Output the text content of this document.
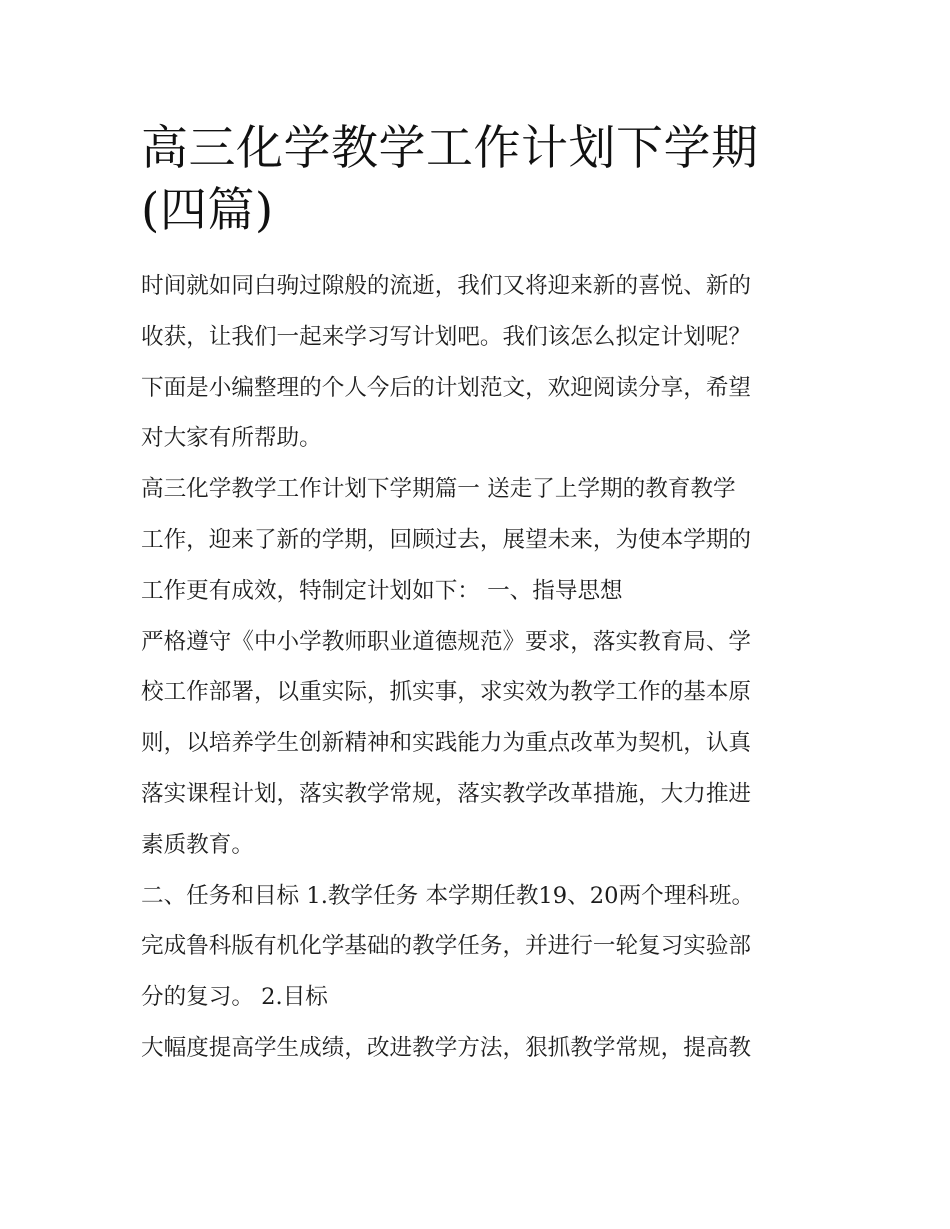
高三化学教学工作计划下学期
(四篇)
时间就如同白驹过隙般的流逝，我们又将迎来新的喜悦、新的
收获，让我们一起来学习写计划吧。我们该怎么拟定计划呢？
下面是小编整理的个人今后的计划范文，欢迎阅读分享，希望
对大家有所帮助。
高三化学教学工作计划下学期篇一 送走了上学期的教育教学
工作，迎来了新的学期，回顾过去，展望未来，为使本学期的
工作更有成效，特制定计划如下： 一、指导思想
严格遵守《中小学教师职业道德规范》要求，落实教育局、学
校工作部署，以重实际，抓实事，求实效为教学工作的基本原
则，以培养学生创新精神和实践能力为重点改革为契机，认真
落实课程计划，落实教学常规，落实教学改革措施，大力推进
素质教育。
二、任务和目标 1.教学任务 本学期任教19、20两个理科班。
完成鲁科版有机化学基础的教学任务，并进行一轮复习实验部
分的复习。 2.目标
大幅度提高学生成绩，改进教学方法，狠抓教学常规，提高教
